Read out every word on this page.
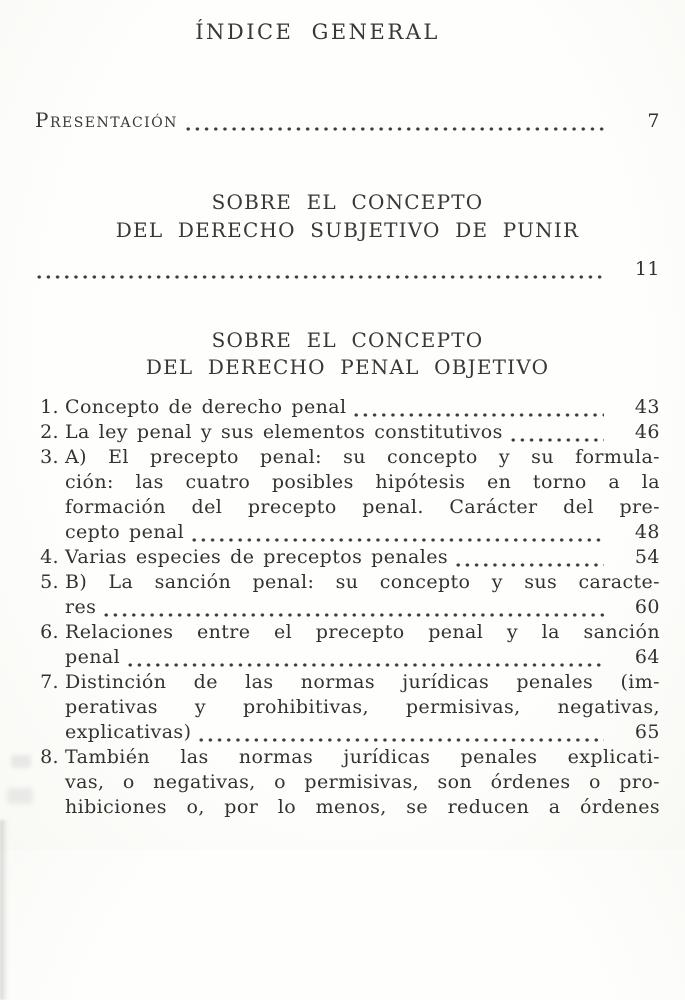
ÍNDICE GENERAL
Presentación	7
SOBRE EL CONCEPTO
DEL DERECHO SUBJETIVO DE PUNIR
11
SOBRE EL CONCEPTO
DEL DERECHO PENAL OBJETIVO
1. Concepto de derecho penal	43
2. La ley penal y sus elementos constitutivos	46
3. A) El precepto penal: su concepto y su formula-
ción: las cuatro posibles hipótesis en torno a la
formación del precepto penal. Carácter del pre-
cepto penal	48
4. Varias especies de preceptos penales	54
5. B) La sanción penal: su concepto y sus caracte-
res	60
6. Relaciones entre el precepto penal y la sanción
penal	64
7. Distinción de las normas jurídicas penales (im-
perativas y prohibitivas, permisivas, negativas,
explicativas)	65
8. También las normas jurídicas penales explicati-
vas, o negativas, o permisivas, son órdenes o pro-
hibiciones o, por lo menos, se reducen a órdenes
